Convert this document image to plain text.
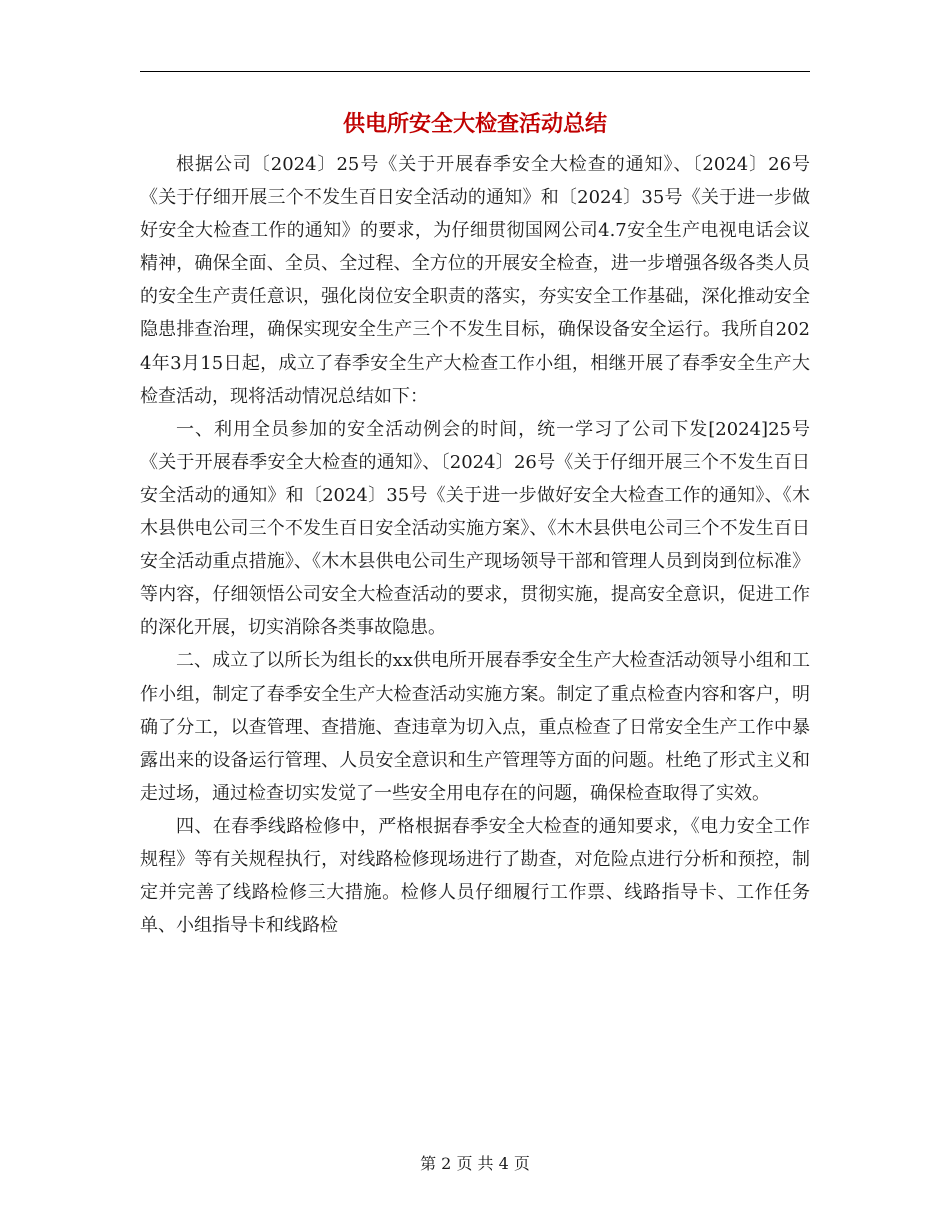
供电所安全大检查活动总结

根据公司〔2024〕25号《关于开展春季安全大检查的通知》、〔2024〕26号《关于仔细开展三个不发生百日安全活动的通知》和〔2024〕35号《关于进一步做好安全大检查工作的通知》的要求，为仔细贯彻国网公司4.7安全生产电视电话会议精神，确保全面、全员、全过程、全方位的开展安全检查，进一步增强各级各类人员的安全生产责任意识，强化岗位安全职责的落实，夯实安全工作基础，深化推动安全隐患排查治理，确保实现安全生产三个不发生目标，确保设备安全运行。我所自2024年3月15日起，成立了春季安全生产大检查工作小组，相继开展了春季安全生产大检查活动，现将活动情况总结如下：

一、利用全员参加的安全活动例会的时间，统一学习了公司下发[2024]25号《关于开展春季安全大检查的通知》、〔2024〕26号《关于仔细开展三个不发生百日安全活动的通知》和〔2024〕35号《关于进一步做好安全大检查工作的通知》、《木木县供电公司三个不发生百日安全活动实施方案》、《木木县供电公司三个不发生百日安全活动重点措施》、《木木县供电公司生产现场领导干部和管理人员到岗到位标准》等内容，仔细领悟公司安全大检查活动的要求，贯彻实施，提高安全意识，促进工作的深化开展，切实消除各类事故隐患。

二、成立了以所长为组长的xx供电所开展春季安全生产大检查活动领导小组和工作小组，制定了春季安全生产大检查活动实施方案。制定了重点检查内容和客户，明确了分工，以查管理、查措施、查违章为切入点，重点检查了日常安全生产工作中暴露出来的设备运行管理、人员安全意识和生产管理等方面的问题。杜绝了形式主义和走过场，通过检查切实发觉了一些安全用电存在的问题，确保检查取得了实效。

四、在春季线路检修中，严格根据春季安全大检查的通知要求，《电力安全工作规程》等有关规程执行，对线路检修现场进行了勘查，对危险点进行分析和预控，制定并完善了线路检修三大措施。检修人员仔细履行工作票、线路指导卡、工作任务单、小组指导卡和线路检

第 2 页 共 4 页
